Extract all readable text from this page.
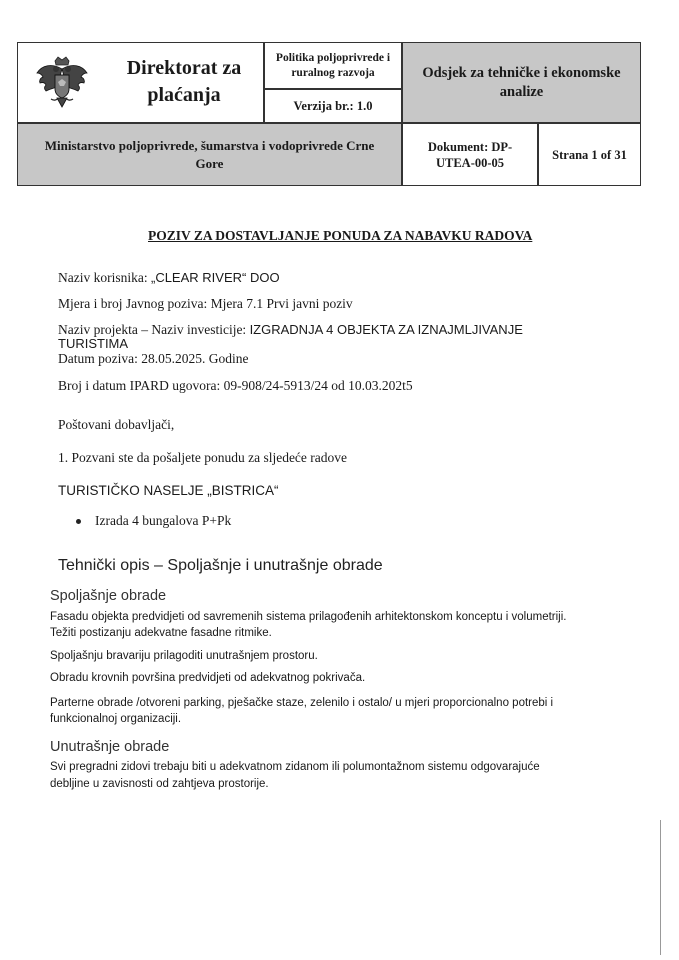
Direktorat za plaćanja
Politika poljoprivrede i ruralnog razvoja
Verzija br.: 1.0
Odsjek za tehničke i ekonomske analize
Ministarstvo poljoprivrede, šumarstva i vodoprivrede Crne Gore
Dokument: DP-UTEA-00-05
Strana 1 of 31
POZIV ZA DOSTAVLJANJE PONUDA ZA NABAVKU RADOVA
Naziv korisnika: „CLEAR RIVER“ DOO
Mjera i broj Javnog poziva: Mjera 7.1 Prvi javni poziv
Naziv projekta – Naziv investicije: IZGRADNJA 4 OBJEKTA ZA IZNAJMLJIVANJE
TURISTIMA
Datum poziva: 28.05.2025. Godine
Broj i datum IPARD ugovora: 09-908/24-5913/24 od 10.03.202t5
Poštovani dobavljači,
1. Pozvani ste da pošaljete ponudu za sljedeće radove
TURISTIČKO NASELJE „BISTRICA“
Izrada 4 bungalova P+Pk
Tehnički opis – Spoljašnje i unutrašnje obrade
Spoljašnje obrade
Fasadu objekta predvidjeti od savremenih sistema prilagođenih arhitektonskom konceptu i volumetriji.
Težiti postizanju adekvatne fasadne ritmike.
Spoljašnju bravariju prilagoditi unutrašnjem prostoru.
Obradu krovnih površina predvidjeti od adekvatnog pokrivača.
Parterne obrade /otvoreni parking, pješačke staze, zelenilo i ostalo/ u mjeri proporcionalno potrebi i
funkcionalnoj organizaciji.
Unutrašnje obrade
Svi pregradni zidovi trebaju biti u adekvatnom zidanom ili polumontažnom sistemu odgovarajuće
debljine u zavisnosti od zahtjeva prostorije.
